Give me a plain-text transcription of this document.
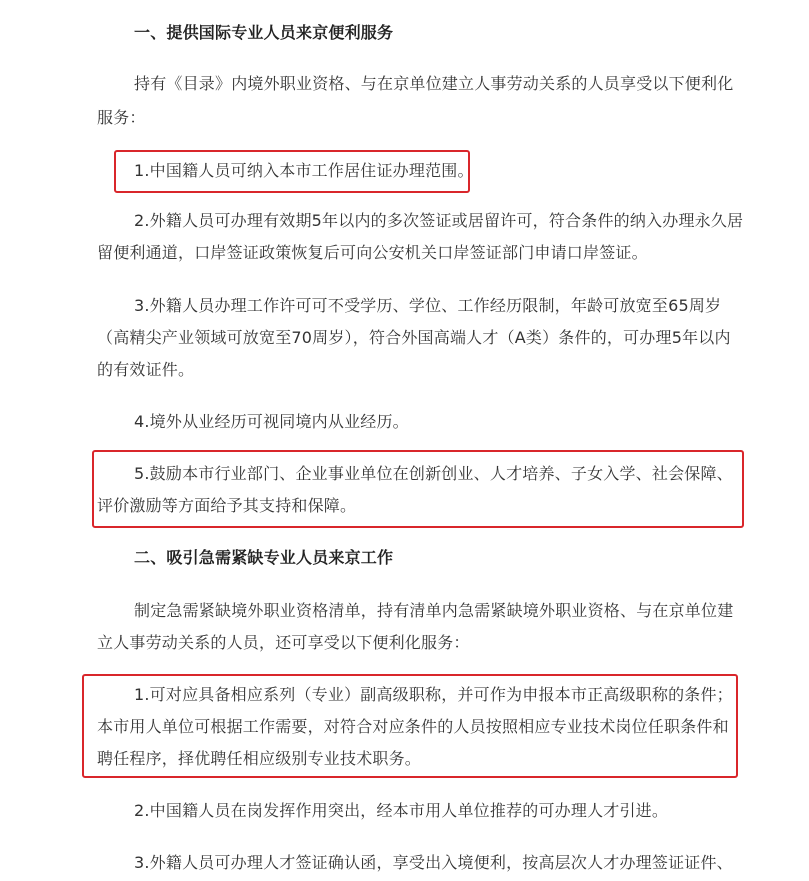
一、提供国际专业人员来京便利服务
持有《目录》内境外职业资格、与在京单位建立人事劳动关系的人员享受以下便利化
服务：
1.中国籍人员可纳入本市工作居住证办理范围。
2.外籍人员可办理有效期5年以内的多次签证或居留许可，符合条件的纳入办理永久居
留便利通道，口岸签证政策恢复后可向公安机关口岸签证部门申请口岸签证。
3.外籍人员办理工作许可可不受学历、学位、工作经历限制，年龄可放宽至65周岁
（高精尖产业领域可放宽至70周岁），符合外国高端人才（A类）条件的，可办理5年以内
的有效证件。
4.境外从业经历可视同境内从业经历。
5.鼓励本市行业部门、企业事业单位在创新创业、人才培养、子女入学、社会保障、
评价激励等方面给予其支持和保障。
二、吸引急需紧缺专业人员来京工作
制定急需紧缺境外职业资格清单，持有清单内急需紧缺境外职业资格、与在京单位建
立人事劳动关系的人员，还可享受以下便利化服务：
1.可对应具备相应系列（专业）副高级职称，并可作为申报本市正高级职称的条件；
本市用人单位可根据工作需要，对符合对应条件的人员按照相应专业技术岗位任职条件和
聘任程序，择优聘任相应级别专业技术职务。
2.中国籍人员在岗发挥作用突出，经本市用人单位推荐的可办理人才引进。
3.外籍人员可办理人才签证确认函，享受出入境便利，按高层次人才办理签证证件、
